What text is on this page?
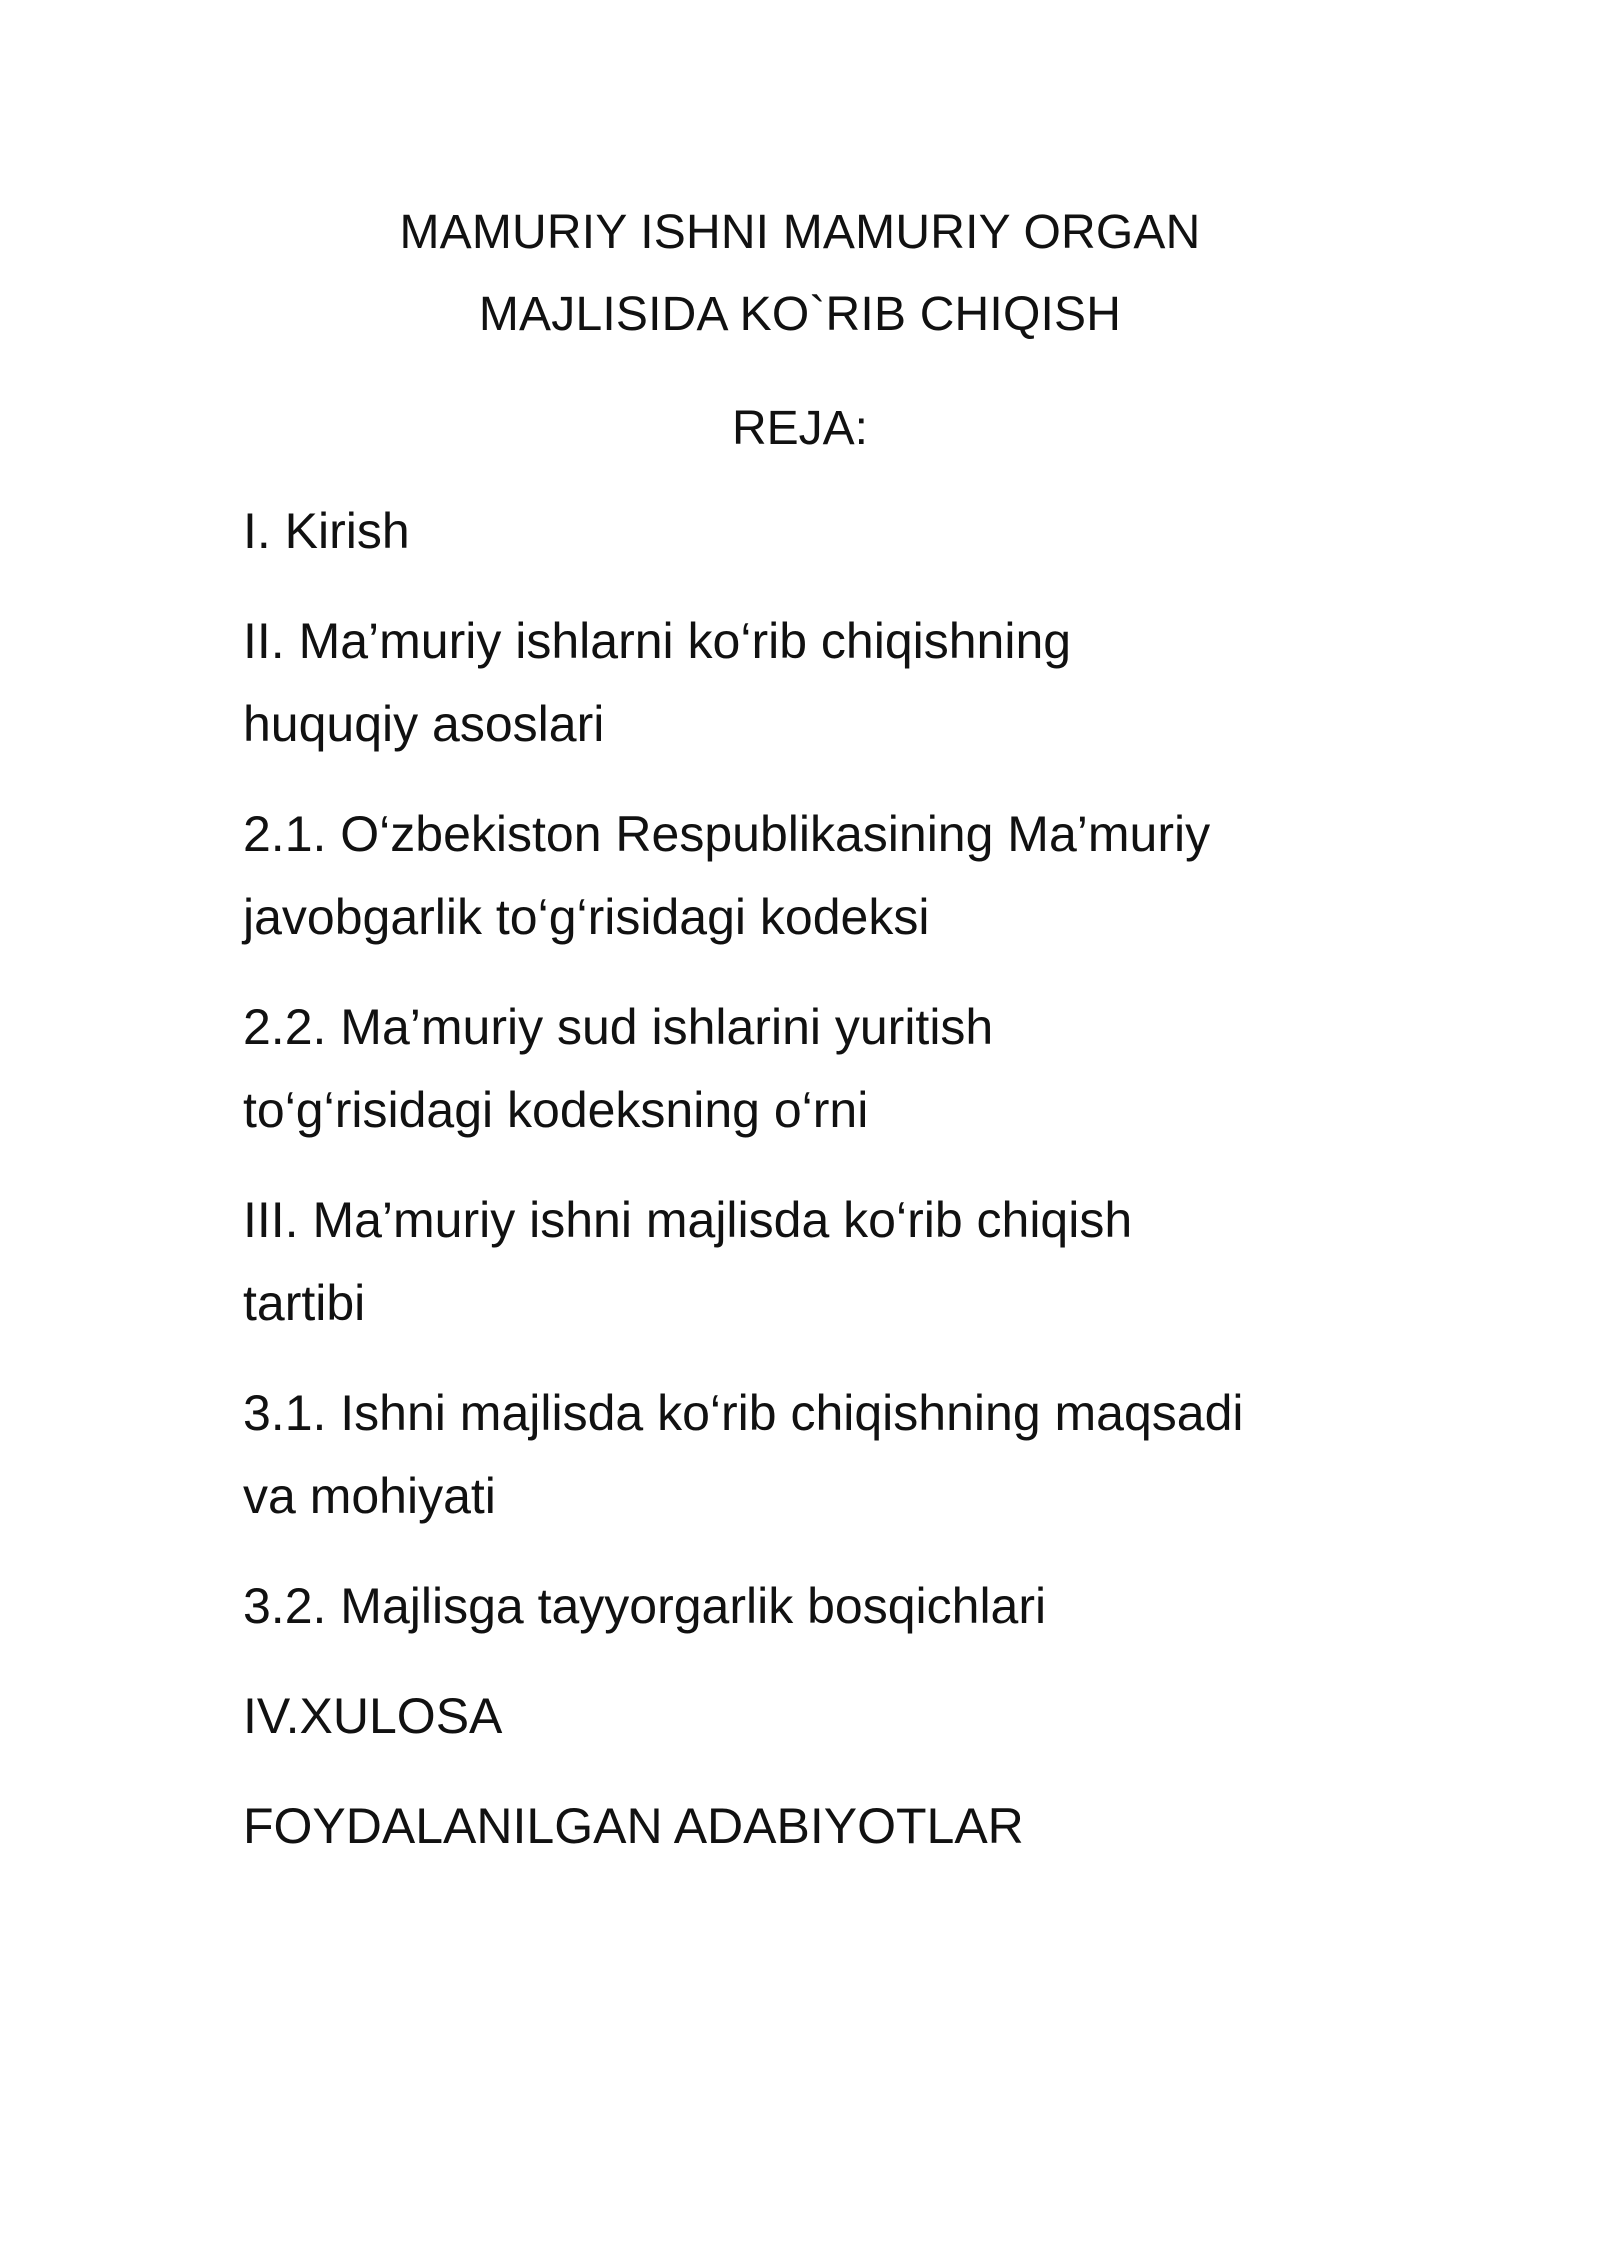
MAMURIY ISHNI MAMURIY ORGAN
MAJLISIDA KO`RIB CHIQISH
REJA:
I. Kirish
II. Ma’muriy ishlarni ko‘rib chiqishning
huquqiy asoslari
2.1. O‘zbekiston Respublikasining Ma’muriy
javobgarlik to‘g‘risidagi kodeksi
2.2. Ma’muriy sud ishlarini yuritish
to‘g‘risidagi kodeksning o‘rni
III. Ma’muriy ishni majlisda ko‘rib chiqish
tartibi
3.1. Ishni majlisda ko‘rib chiqishning maqsadi
va mohiyati
3.2. Majlisga tayyorgarlik bosqichlari
IV.XULOSA
FOYDALANILGAN ADABIYOTLAR
